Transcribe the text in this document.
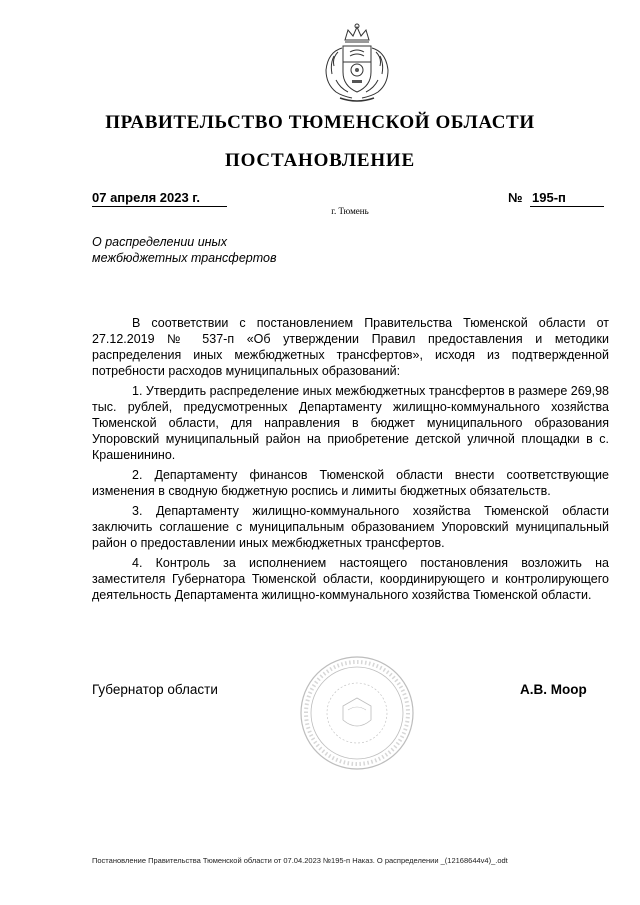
ПРАВИТЕЛЬСТВО ТЮМЕНСКОЙ ОБЛАСТИ
ПОСТАНОВЛЕНИЕ
07 апреля 2023 г.	№ 195-п
г. Тюмень
О распределении иных
межбюджетных трансфертов

В соответствии с постановлением Правительства Тюменской области от 27.12.2019 № 537-п «Об утверждении Правил предоставления и методики распределения иных межбюджетных трансфертов», исходя из подтвержденной потребности расходов муниципальных образований:

1. Утвердить распределение иных межбюджетных трансфертов в размере 269,98 тыс. рублей, предусмотренных Департаменту жилищно-коммунального хозяйства Тюменской области, для направления в бюджет муниципального образования Упоровский муниципальный район на приобретение детской уличной площадки в с. Крашенинино.

2. Департаменту финансов Тюменской области внести соответствующие изменения в сводную бюджетную роспись и лимиты бюджетных обязательств.

3. Департаменту жилищно-коммунального хозяйства Тюменской области заключить соглашение с муниципальным образованием Упоровский муниципальный район о предоставлении иных межбюджетных трансфертов.

4. Контроль за исполнением настоящего постановления возложить на заместителя Губернатора Тюменской области, координирующего и контролирующего деятельность Департамента жилищно-коммунального хозяйства Тюменской области.

Губернатор области	А.В. Моор
Постановление Правительства Тюменской области от 07.04.2023 №195-п Наказ. О распределении _(12168644v4)_.odt
